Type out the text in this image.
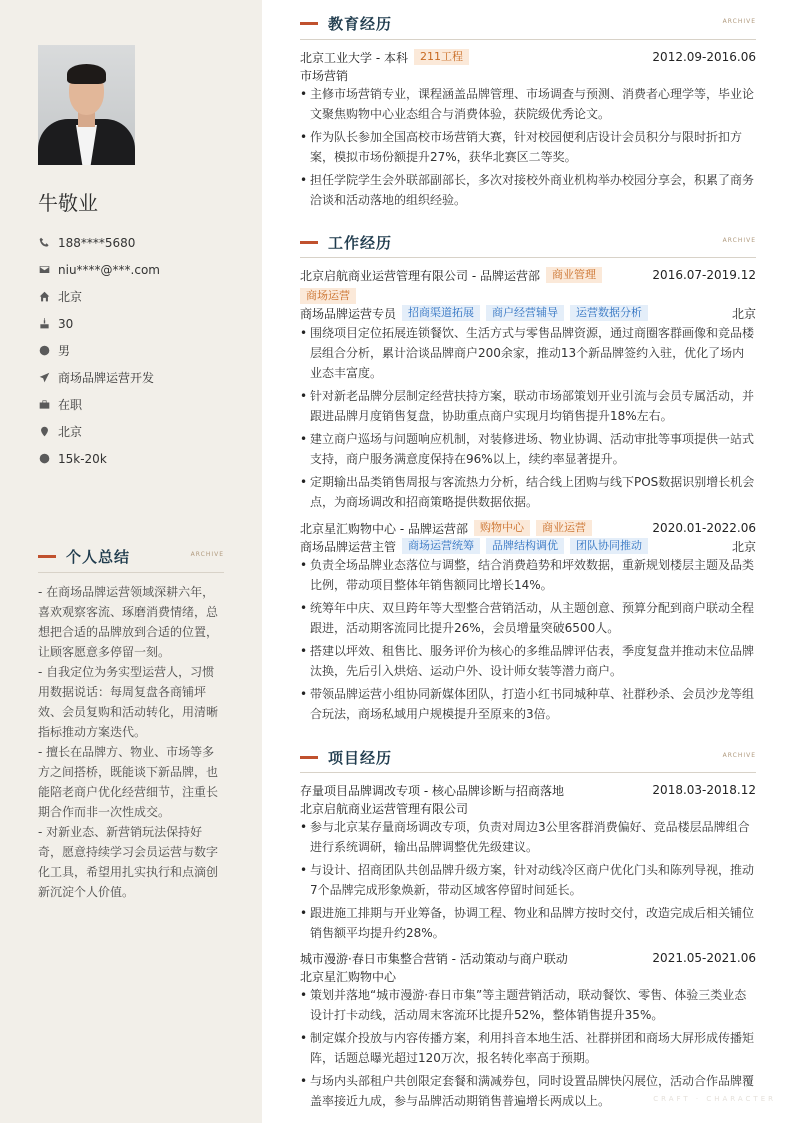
牛敬业
188****5680
niu****@***.com
北京
30
男
商场品牌运营开发
在职
北京
15k-20k
个人总结	ARCHIVE

- 在商场品牌运营领域深耕六年，喜欢观察客流、琢磨消费情绪，总想把合适的品牌放到合适的位置，让顾客愿意多停留一刻。

- 自我定位为务实型运营人，习惯用数据说话：每周复盘各商铺坪效、会员复购和活动转化，用清晰指标推动方案迭代。

- 擅长在品牌方、物业、市场等多方之间搭桥，既能谈下新品牌，也能陪老商户优化经营细节，注重长期合作而非一次性成交。

- 对新业态、新营销玩法保持好奇，愿意持续学习会员运营与数字化工具，希望用扎实执行和点滴创新沉淀个人价值。

教育经历	ARCHIVE
北京工业大学 - 本科	211工程	2012.09-2016.06
市场营销
• 主修市场营销专业，课程涵盖品牌管理、市场调查与预测、消费者心理学等，毕业论文聚焦购物中心业态组合与消费体验，获院级优秀论文。
• 作为队长参加全国高校市场营销大赛，针对校园便利店设计会员积分与限时折扣方案，模拟市场份额提升27%，获华北赛区二等奖。
• 担任学院学生会外联部副部长，多次对接校外商业机构举办校园分享会，积累了商务洽谈和活动落地的组织经验。
工作经历	ARCHIVE
北京启航商业运营管理有限公司 - 品牌运营部	商业管理	2016.07-2019.12
商场运营
商场品牌运营专员	招商渠道拓展	商户经营辅导	运营数据分析	北京
• 围绕项目定位拓展连锁餐饮、生活方式与零售品牌资源，通过商圈客群画像和竞品楼层组合分析，累计洽谈品牌商户200余家，推动13个新品牌签约入驻，优化了场内业态丰富度。
• 针对新老品牌分层制定经营扶持方案，联动市场部策划开业引流与会员专属活动，并跟进品牌月度销售复盘，协助重点商户实现月均销售提升18%左右。
• 建立商户巡场与问题响应机制，对装修进场、物业协调、活动审批等事项提供一站式支持，商户服务满意度保持在96%以上，续约率显著提升。
• 定期输出品类销售周报与客流热力分析，结合线上团购与线下POS数据识别增长机会点，为商场调改和招商策略提供数据依据。
北京星汇购物中心 - 品牌运营部	购物中心	商业运营	2020.01-2022.06
商场品牌运营主管	商场运营统筹	品牌结构调优	团队协同推动	北京
• 负责全场品牌业态落位与调整，结合消费趋势和坪效数据，重新规划楼层主题及品类比例，带动项目整体年销售额同比增长14%。
• 统筹年中庆、双旦跨年等大型整合营销活动，从主题创意、预算分配到商户联动全程跟进，活动期客流同比提升26%，会员增量突破6500人。
• 搭建以坪效、租售比、服务评价为核心的多维品牌评估表，季度复盘并推动末位品牌汰换，先后引入烘焙、运动户外、设计师女装等潜力商户。
• 带领品牌运营小组协同新媒体团队，打造小红书同城种草、社群秒杀、会员沙龙等组合玩法，商场私域用户规模提升至原来的3倍。
项目经历	ARCHIVE
存量项目品牌调改专项 - 核心品牌诊断与招商落地	2018.03-2018.12
北京启航商业运营管理有限公司
• 参与北京某存量商场调改专项，负责对周边3公里客群消费偏好、竞品楼层品牌组合进行系统调研，输出品牌调整优先级建议。
• 与设计、招商团队共创品牌升级方案，针对动线冷区商户优化门头和陈列导视，推动7个品牌完成形象焕新，带动区域客停留时间延长。
• 跟进施工排期与开业筹备，协调工程、物业和品牌方按时交付，改造完成后相关铺位销售额平均提升约28%。
城市漫游·春日市集整合营销 - 活动策动与商户联动	2021.05-2021.06
北京星汇购物中心
• 策划并落地“城市漫游·春日市集”等主题营销活动，联动餐饮、零售、体验三类业态设计打卡动线，活动周末客流环比提升52%，整体销售提升35%。
• 制定媒介投放与内容传播方案，利用抖音本地生活、社群拼团和商场大屏形成传播矩阵，话题总曝光超过120万次，报名转化率高于预期。
• 与场内头部租户共创限定套餐和满减券包，同时设置品牌快闪展位，活动合作品牌覆盖率接近九成，参与品牌活动期销售普遍增长两成以上。	CRAFT · CHARACTER
